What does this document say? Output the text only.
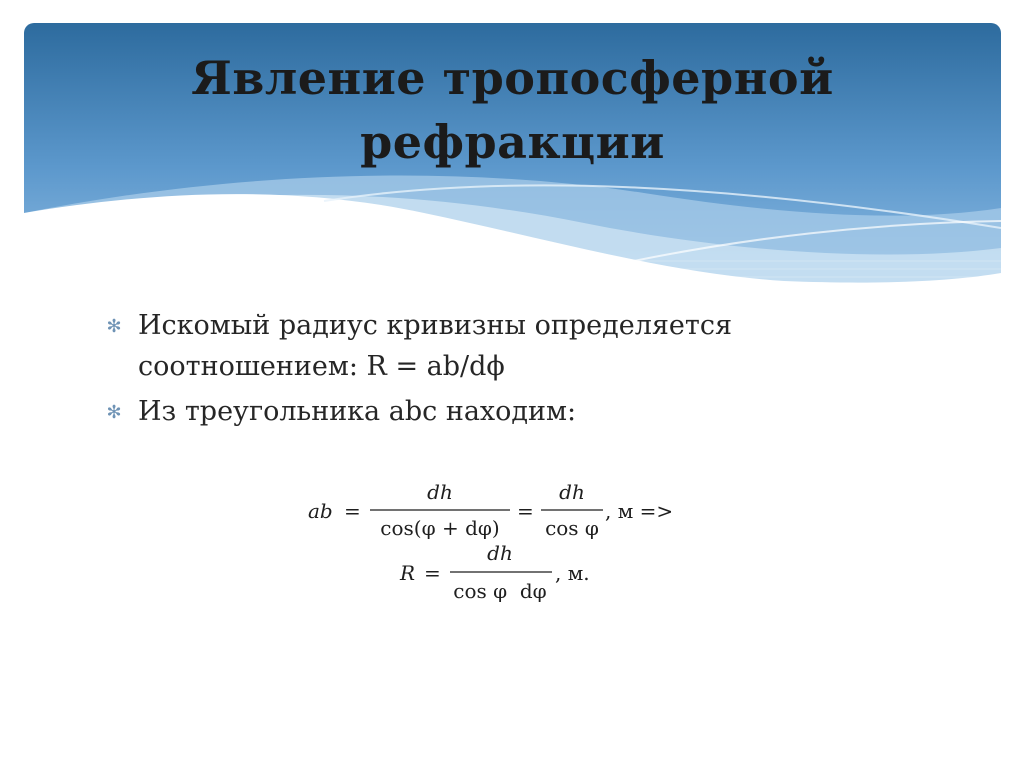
Явление тропосферной
рефракции
✻ Искомый радиус кривизны определяется
соотношением: R = ab/dϕ
✻ Из треугольника abc находим:
ab =
dh
cos(φ + dφ)
=
dh
cos φ
, м =>
R =
dh
cos φ  dφ
, м.
